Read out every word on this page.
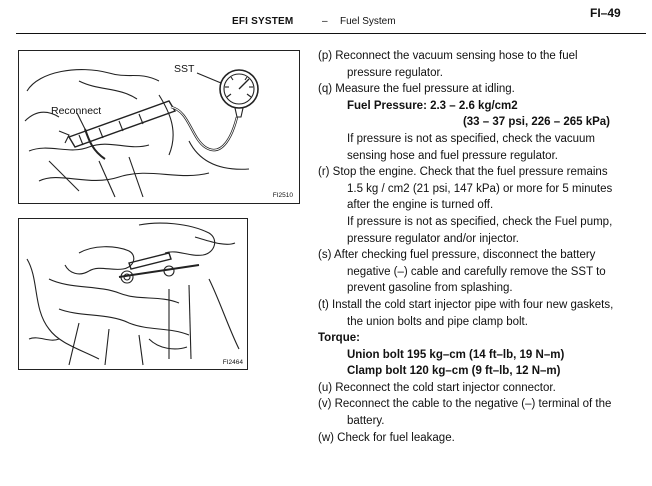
EFI SYSTEM	– Fuel System
FI–49
SST
Reconnect
FI2510
FI2464

(p) Reconnect the vacuum sensing hose to the fuel pressure regulator.

(q) Measure the fuel pressure at idling.

Fuel Pressure: 2.3 – 2.6 kg/cm2

(33 – 37 psi, 226 – 265 kPa)

If pressure is not as specified, check the vacuum sensing hose and fuel pressure regulator.

(r) Stop the engine. Check that the fuel pressure remains 1.5 kg / cm2 (21 psi, 147 kPa) or more for 5 minutes after the engine is turned off.

If pressure is not as specified, check the Fuel pump, pressure regulator and/or injector.

(s) After checking fuel pressure, disconnect the battery negative (–) cable and carefully remove the SST to prevent gasoline from splashing.

(t) Install the cold start injector pipe with four new gaskets, the union bolts and pipe clamp bolt.

Torque:

Union bolt 195 kg–cm (14 ft–lb, 19 N–m)

Clamp bolt 120 kg–cm (9 ft–lb, 12 N–m)

(u) Reconnect the cold start injector connector.

(v) Reconnect the cable to the negative (–) terminal of the battery.

(w) Check for fuel leakage.
